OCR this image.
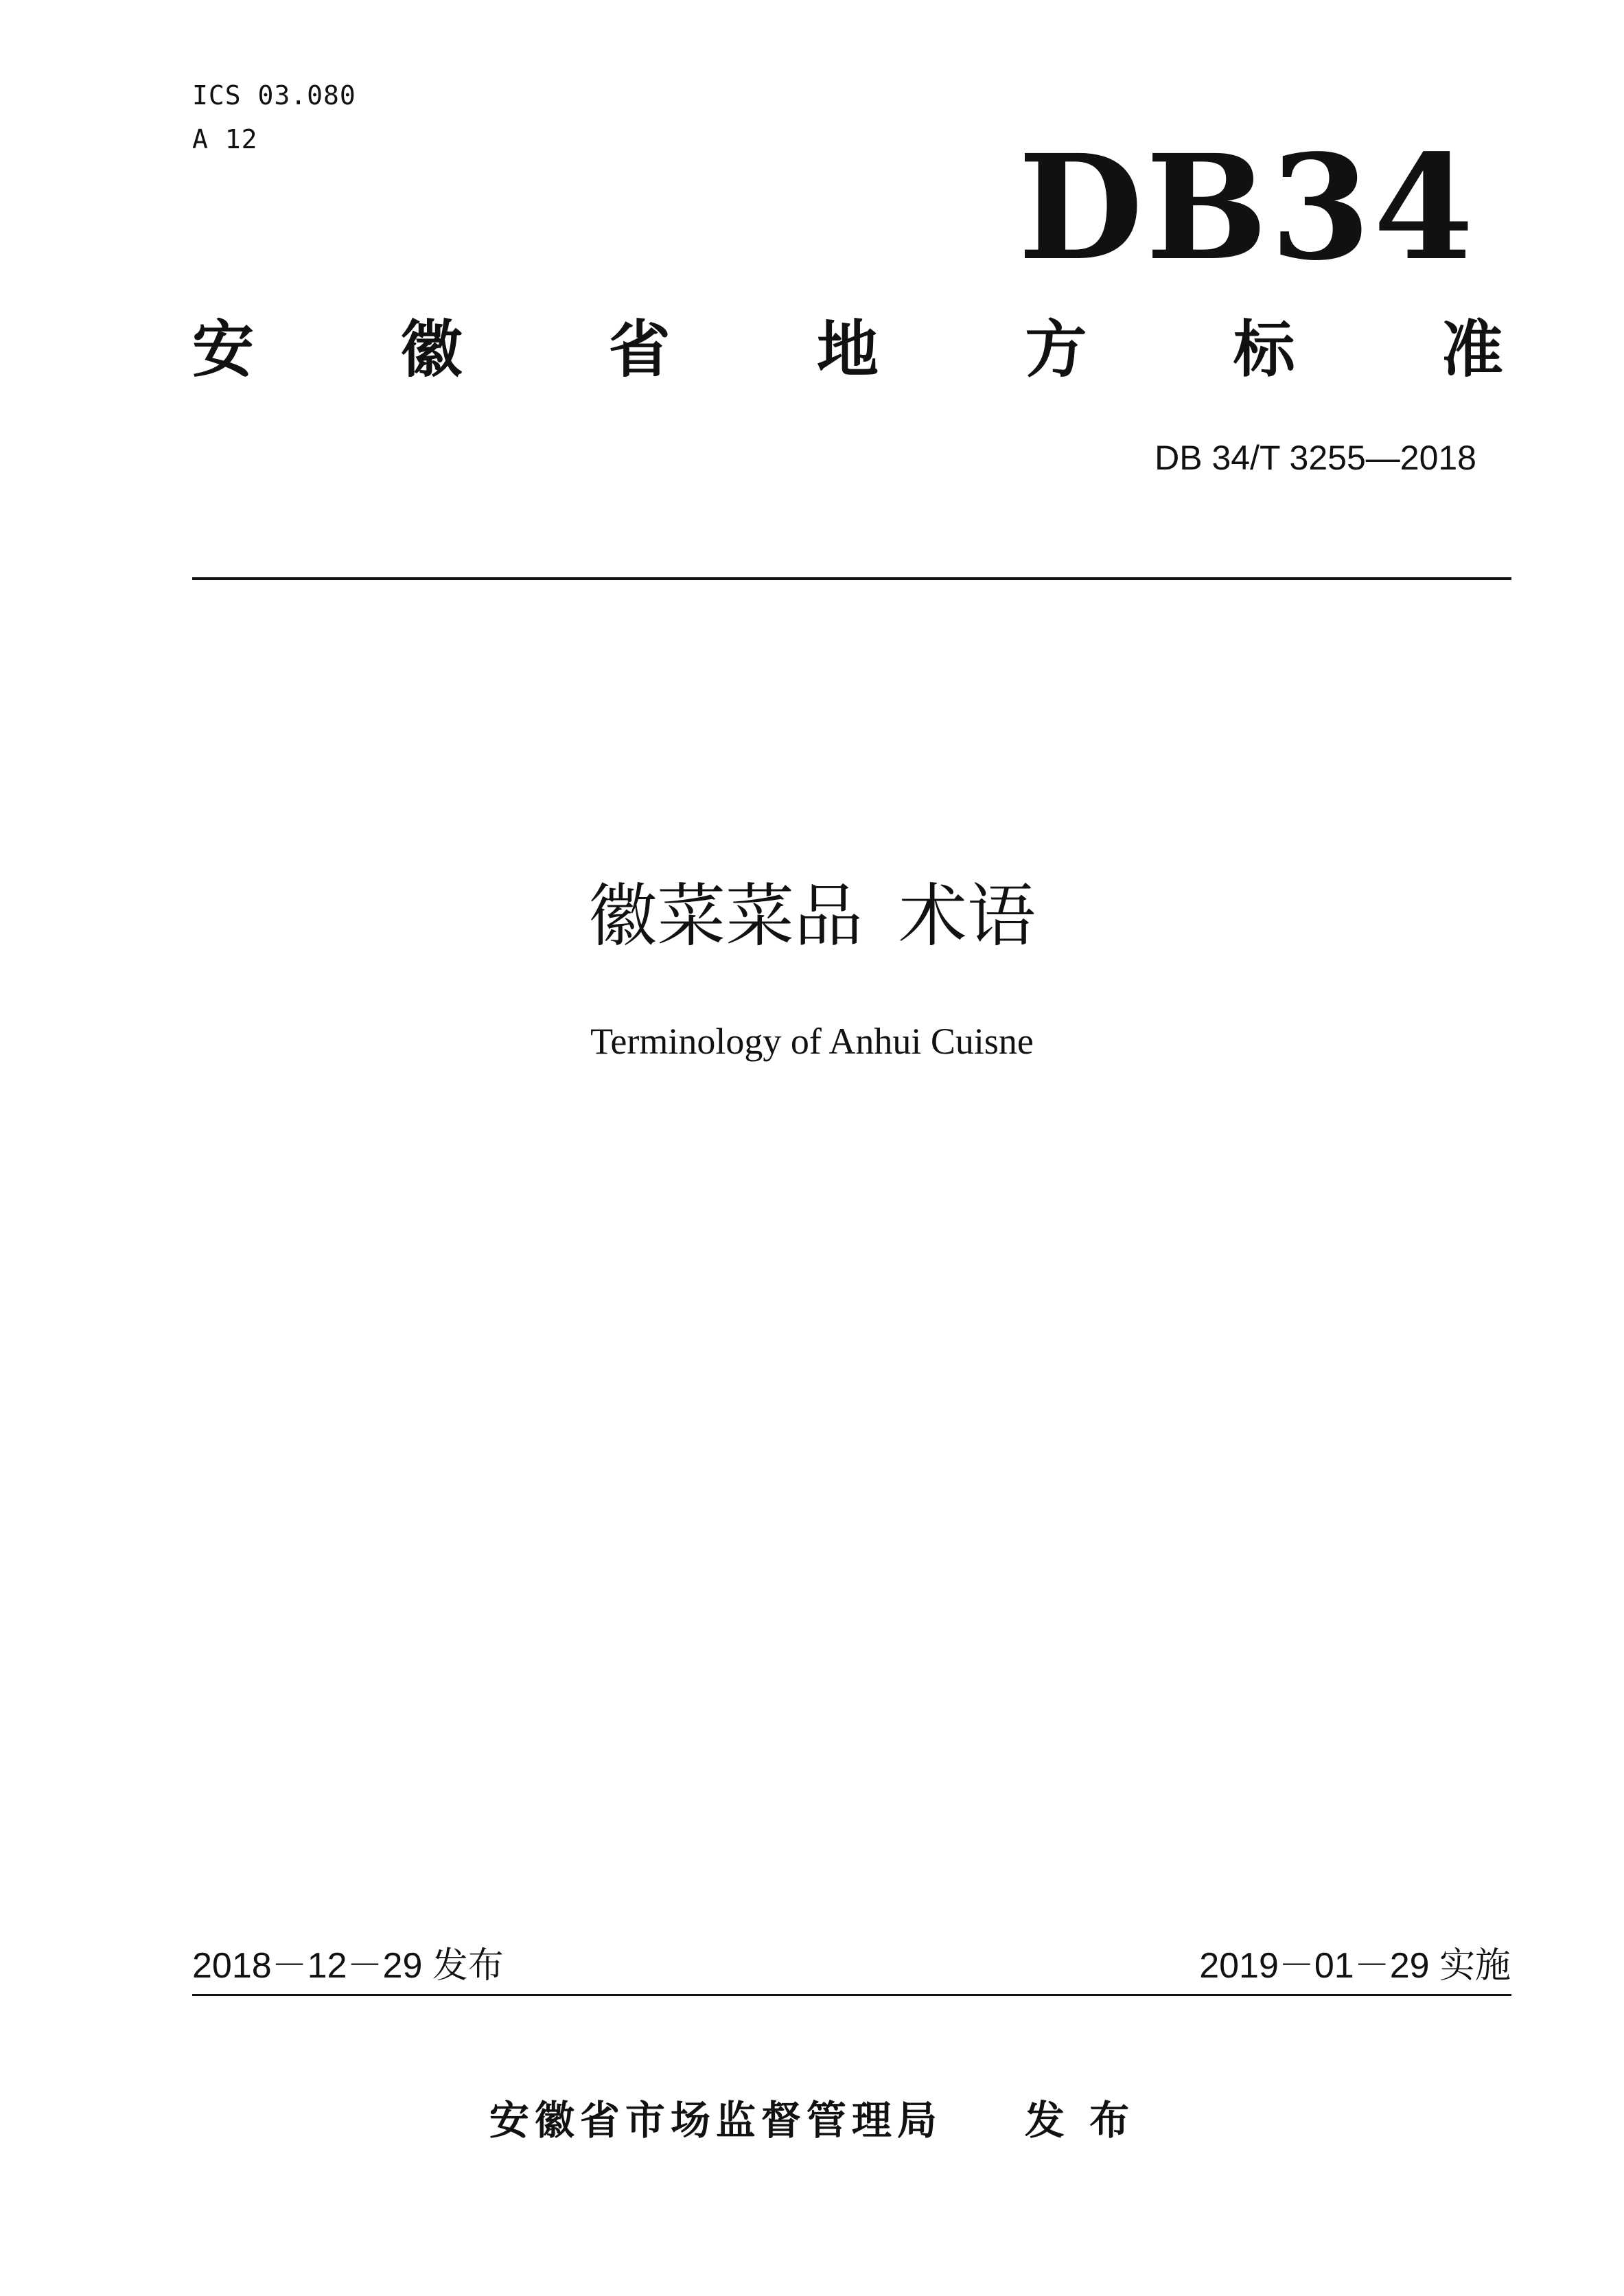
ICS 03.080
A 12	DB34
安 徽 省 地 方 标 准
DB 34/T 3255—2018
徽菜菜品 术语
Terminology of Anhui Cuisne
2018－12－29 发布	2019－01－29 实施
安徽省市场监督管理局 发 布
